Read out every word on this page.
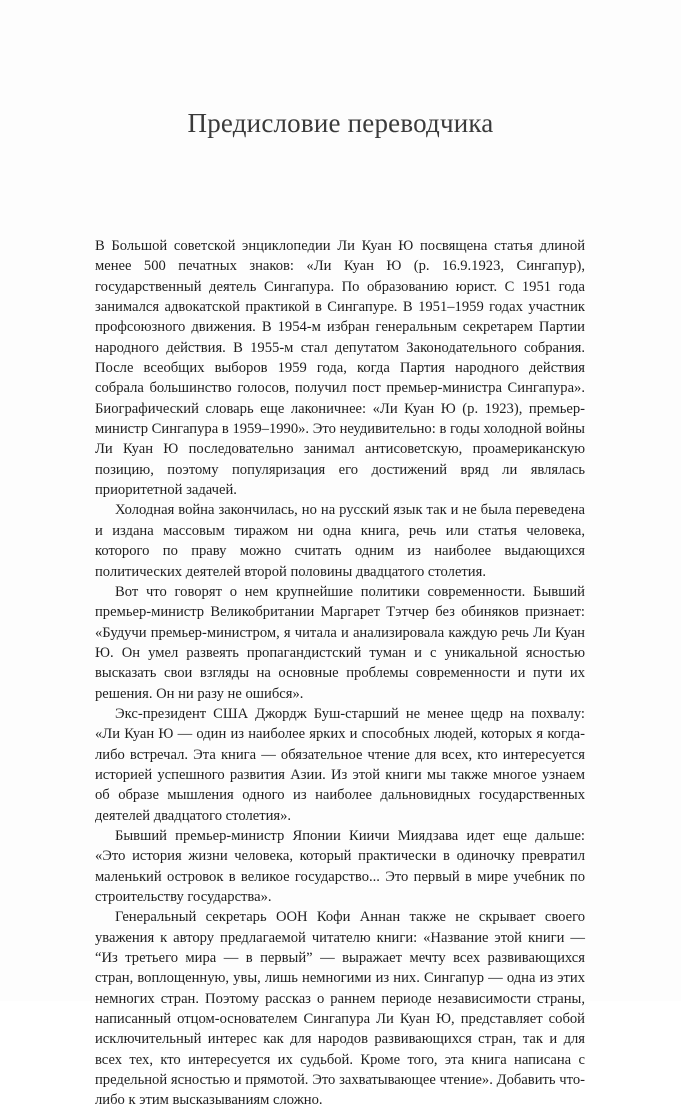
Предисловие переводчика

В Большой советской энциклопедии Ли Куан Ю посвящена статья длиной менее 500 печатных знаков: «Ли Куан Ю (р. 16.9.1923, Сингапур), государственный деятель Сингапура. По образованию юрист. С 1951 года занимался адвокатской практикой в Сингапуре. В 1951–1959 годах участник профсоюзного движения. В 1954-м избран генеральным секретарем Партии народного действия. В 1955-м стал депутатом Законодательного собрания. После всеобщих выборов 1959 года, когда Партия народного действия собрала большинство голосов, получил пост премьер-министра Сингапура». Биографический словарь еще лаконичнее: «Ли Куан Ю (р. 1923), премьер-министр Сингапура в 1959–1990». Это неудивительно: в годы холодной войны Ли Куан Ю последовательно занимал антисоветскую, проамериканскую позицию, поэтому популяризация его достижений вряд ли являлась приоритетной задачей.

Холодная война закончилась, но на русский язык так и не была переведена и издана массовым тиражом ни одна книга, речь или статья человека, которого по праву можно считать одним из наиболее выдающихся политических деятелей второй половины двадцатого столетия.

Вот что говорят о нем крупнейшие политики современности. Бывший премьер-министр Великобритании Маргарет Тэтчер без обиняков признает: «Будучи премьер-министром, я читала и анализировала каждую речь Ли Куан Ю. Он умел развеять пропагандистский туман и с уникальной ясностью высказать свои взгляды на основные проблемы современности и пути их решения. Он ни разу не ошибся».

Экс-президент США Джордж Буш-старший не менее щедр на похвалу: «Ли Куан Ю — один из наиболее ярких и способных людей, которых я когда-либо встречал. Эта книга — обязательное чтение для всех, кто интересуется историей успешного развития Азии. Из этой книги мы также многое узнаем об образе мышления одного из наиболее дальновидных государственных деятелей двадцатого столетия».

Бывший премьер-министр Японии Киичи Миядзава идет еще дальше: «Это история жизни человека, который практически в одиночку превратил маленький островок в великое государство... Это первый в мире учебник по строительству государства».

Генеральный секретарь ООН Кофи Аннан также не скрывает своего уважения к автору предлагаемой читателю книги: «Название этой книги — “Из третьего мира — в первый” — выражает мечту всех развивающихся стран, воплощенную, увы, лишь немногими из них. Сингапур — одна из этих немногих стран. Поэтому рассказ о раннем периоде независимости страны, написанный отцом-основателем Сингапура Ли Куан Ю, представляет собой исключительный интерес как для народов развивающихся стран, так и для всех тех, кто интересуется их судьбой. Кроме того, эта книга написана с предельной ясностью и прямотой. Это захватывающее чтение». Добавить что-либо к этим высказываниям сложно.
